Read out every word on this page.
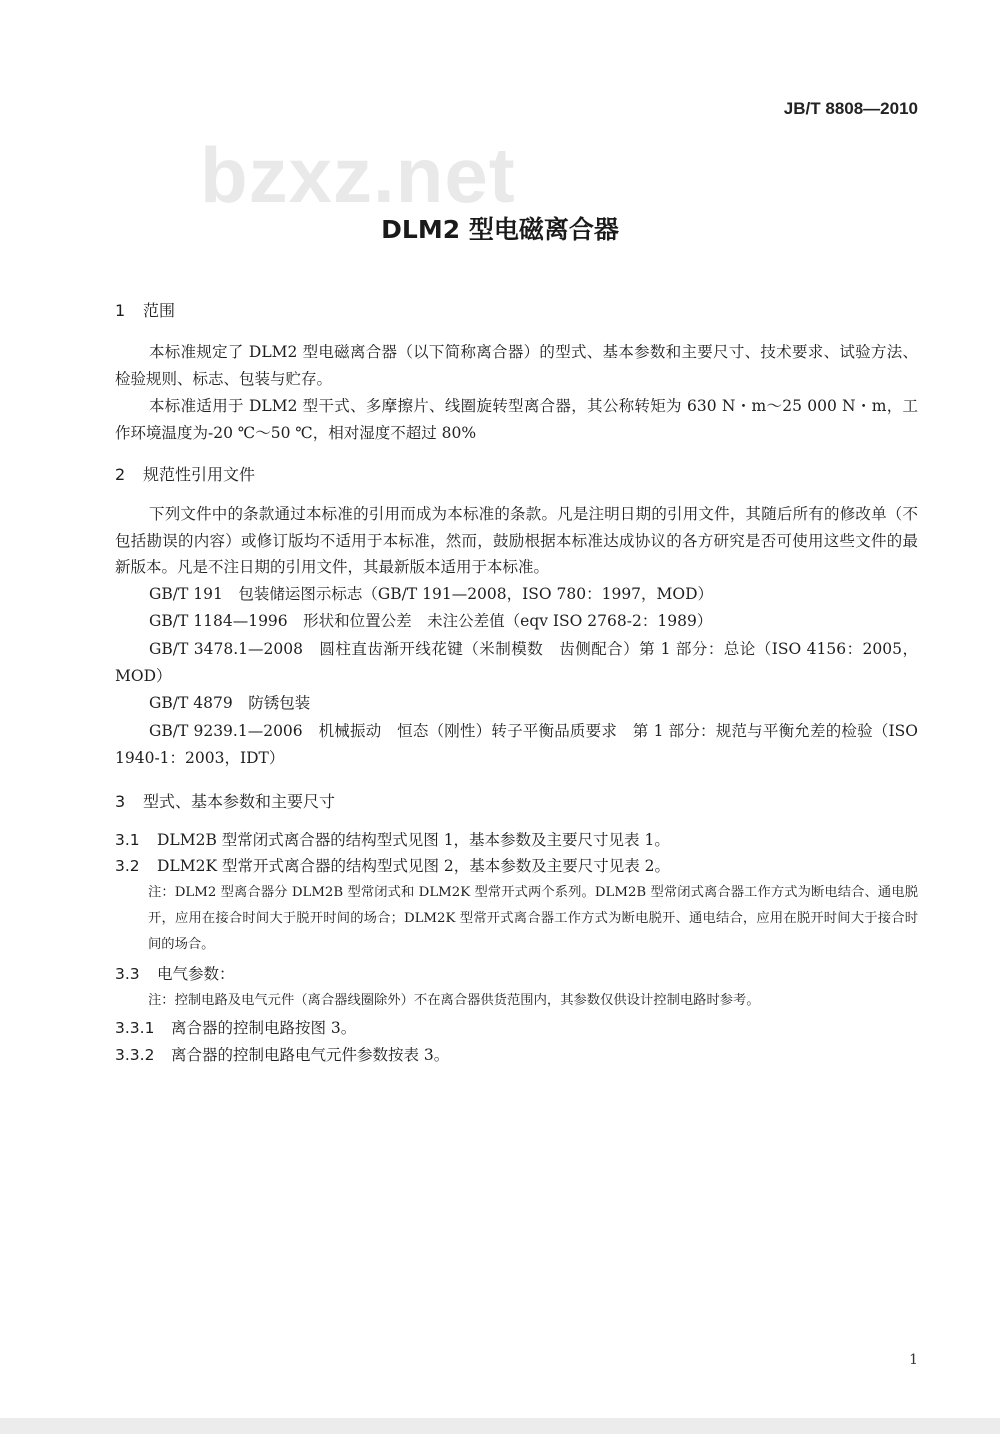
JB/T 8808—2010
bzxz.net
DLM2 型电磁离合器
1 范围

本标准规定了 DLM2 型电磁离合器（以下简称离合器）的型式、基本参数和主要尺寸、技术要求、试验方法、检验规则、标志、包装与贮存。

本标准适用于 DLM2 型干式、多摩擦片、线圈旋转型离合器，其公称转矩为 630 N・m～25 000 N・m，工作环境温度为-20 ℃～50 ℃，相对湿度不超过 80%

2 规范性引用文件

下列文件中的条款通过本标准的引用而成为本标准的条款。凡是注明日期的引用文件，其随后所有的修改单（不包括勘误的内容）或修订版均不适用于本标准，然而，鼓励根据本标准达成协议的各方研究是否可使用这些文件的最新版本。凡是不注日期的引用文件，其最新版本适用于本标准。

GB/T 191　包装储运图示标志（GB/T 191—2008，ISO 780：1997，MOD）

GB/T 1184—1996　形状和位置公差　未注公差值（eqv ISO 2768-2：1989）

GB/T 3478.1—2008　圆柱直齿渐开线花键（米制模数　齿侧配合）第 1 部分：总论（ISO 4156：2005，MOD）

GB/T 4879　防锈包装

GB/T 9239.1—2006　机械振动　恒态（刚性）转子平衡品质要求　第 1 部分：规范与平衡允差的检验（ISO 1940-1：2003，IDT）

3 型式、基本参数和主要尺寸

3.1 DLM2B 型常闭式离合器的结构型式见图 1，基本参数及主要尺寸见表 1。

3.2 DLM2K 型常开式离合器的结构型式见图 2，基本参数及主要尺寸见表 2。

注：DLM2 型离合器分 DLM2B 型常闭式和 DLM2K 型常开式两个系列。DLM2B 型常闭式离合器工作方式为断电结合、通电脱开，应用在接合时间大于脱开时间的场合；DLM2K 型常开式离合器工作方式为断电脱开、通电结合，应用在脱开时间大于接合时间的场合。

3.3 电气参数：

注：控制电路及电气元件（离合器线圈除外）不在离合器供货范围内，其参数仅供设计控制电路时参考。

3.3.1 离合器的控制电路按图 3。

3.3.2 离合器的控制电路电气元件参数按表 3。

1
